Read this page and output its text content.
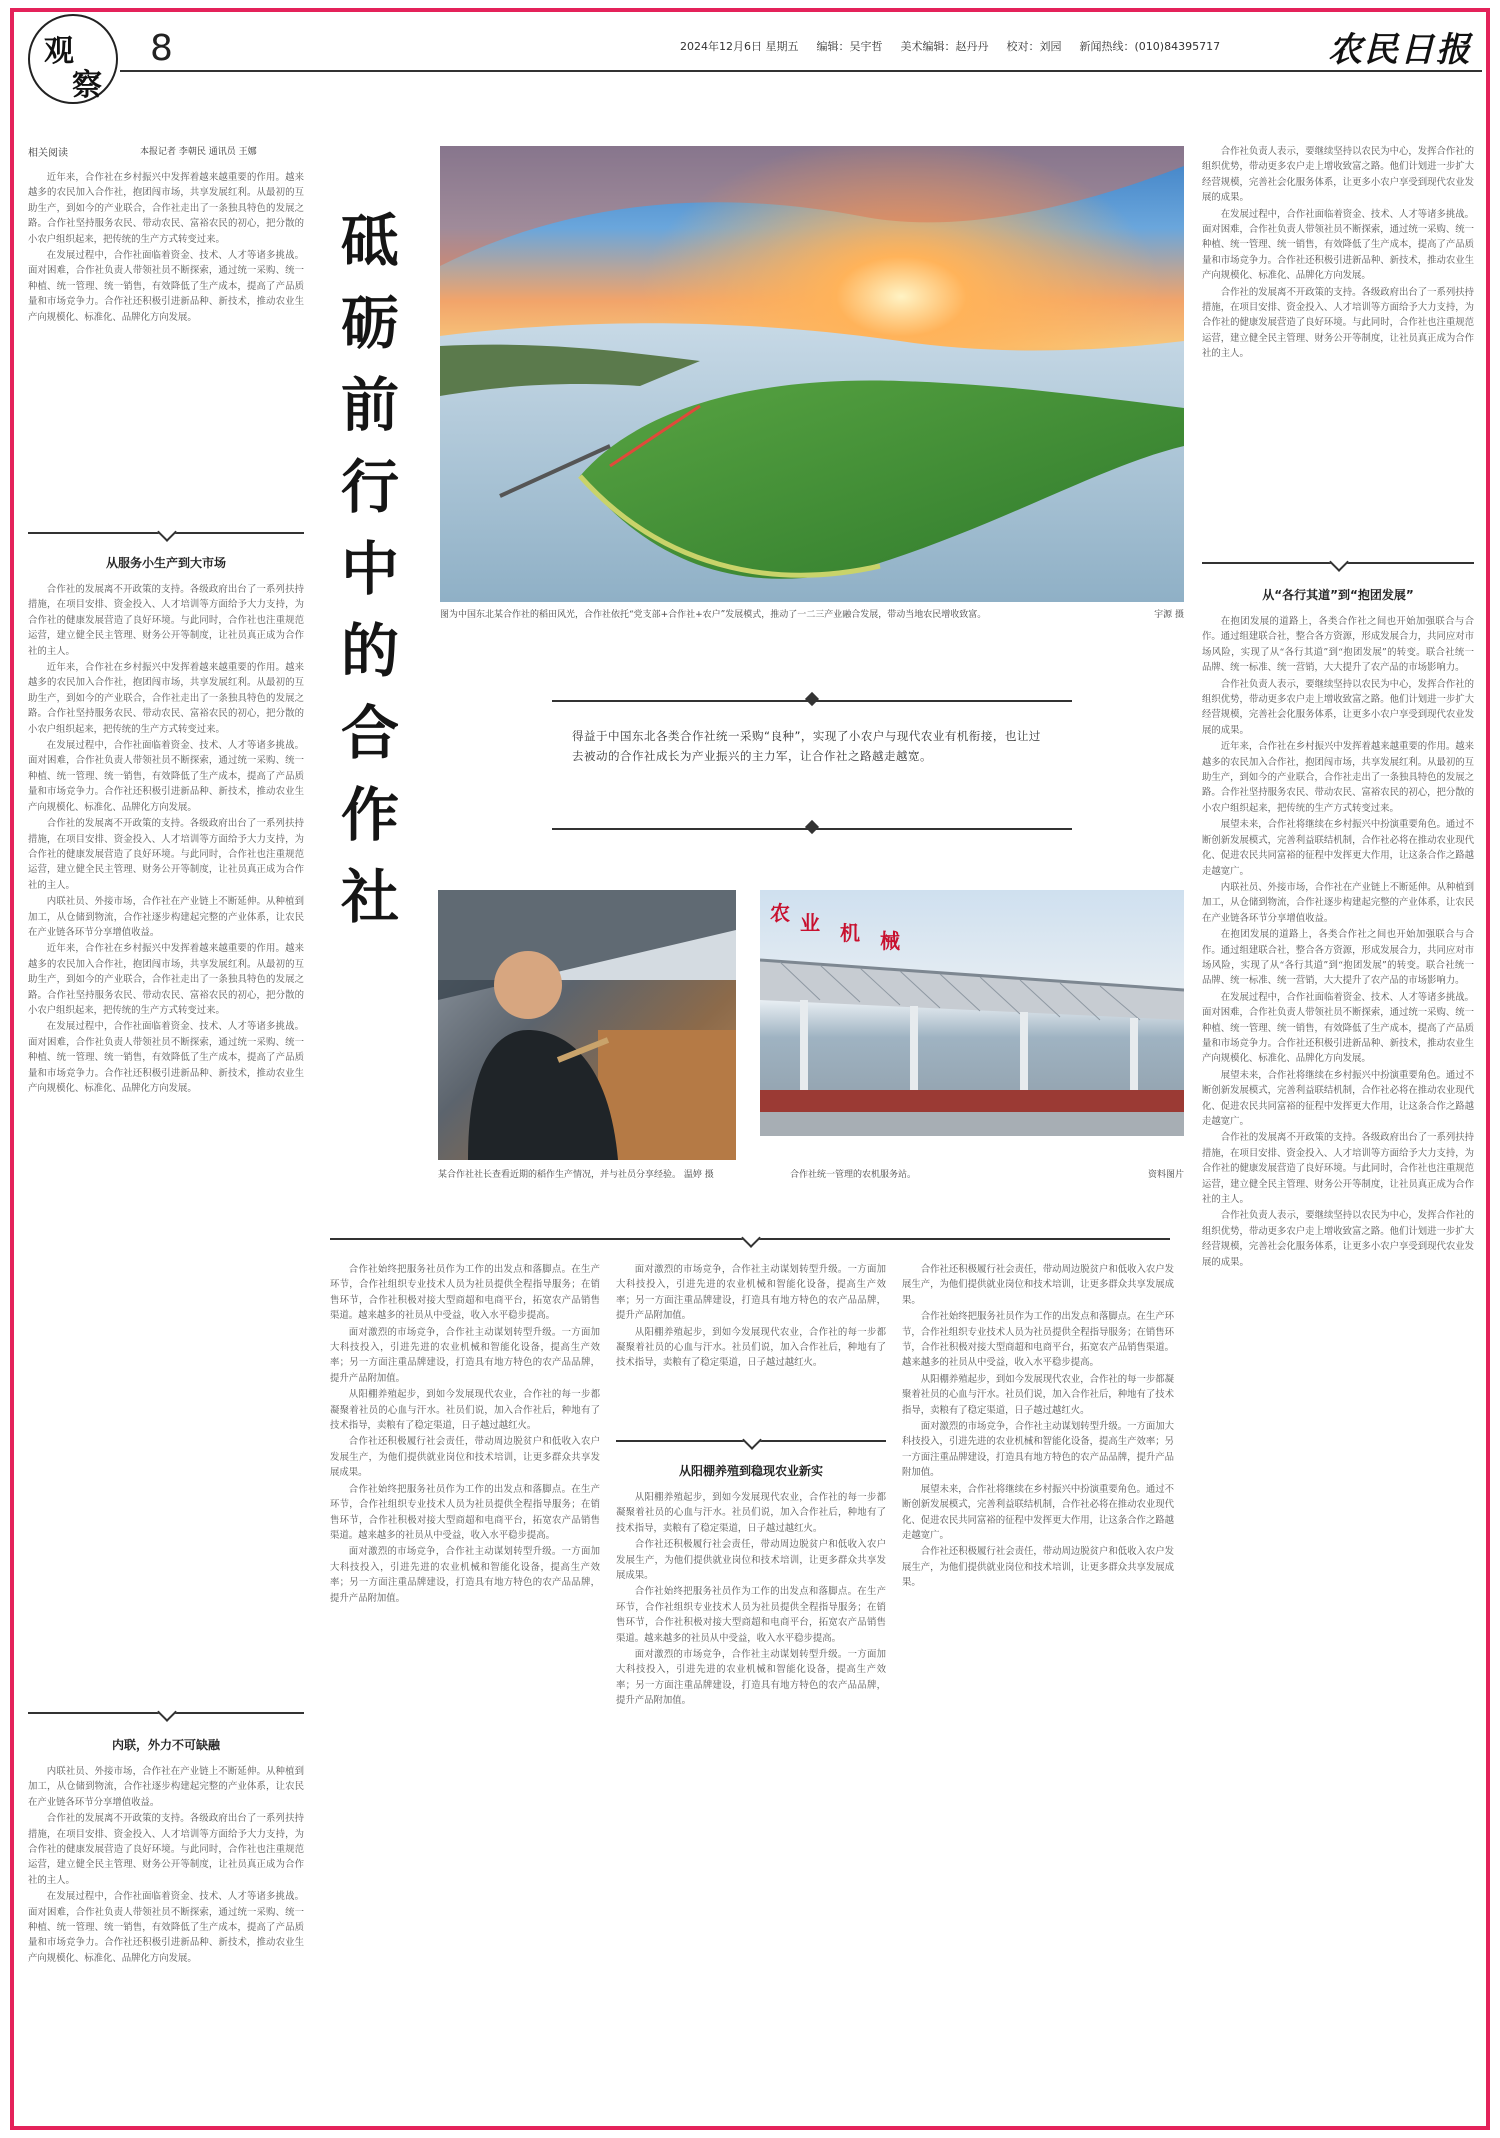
观
察
8	2024年12月6日 星期五 编辑：吴宇哲 美术编辑：赵丹丹 校对：刘园 新闻热线：(010)84395717	农民日报
相关阅读	本报记者 李朝民 通讯员 王娜

近年来，合作社在乡村振兴中发挥着越来越重要的作用。越来越多的农民加入合作社，抱团闯市场，共享发展红利。从最初的互助生产，到如今的产业联合，合作社走出了一条独具特色的发展之路。合作社坚持服务农民、带动农民、富裕农民的初心，把分散的小农户组织起来，把传统的生产方式转变过来。

在发展过程中，合作社面临着资金、技术、人才等诸多挑战。面对困难，合作社负责人带领社员不断探索，通过统一采购、统一种植、统一管理、统一销售，有效降低了生产成本，提高了产品质量和市场竞争力。合作社还积极引进新品种、新技术，推动农业生产向规模化、标准化、品牌化方向发展。

从服务小生产到大市场

合作社的发展离不开政策的支持。各级政府出台了一系列扶持措施，在项目安排、资金投入、人才培训等方面给予大力支持，为合作社的健康发展营造了良好环境。与此同时，合作社也注重规范运营，建立健全民主管理、财务公开等制度，让社员真正成为合作社的主人。

近年来，合作社在乡村振兴中发挥着越来越重要的作用。越来越多的农民加入合作社，抱团闯市场，共享发展红利。从最初的互助生产，到如今的产业联合，合作社走出了一条独具特色的发展之路。合作社坚持服务农民、带动农民、富裕农民的初心，把分散的小农户组织起来，把传统的生产方式转变过来。

在发展过程中，合作社面临着资金、技术、人才等诸多挑战。面对困难，合作社负责人带领社员不断探索，通过统一采购、统一种植、统一管理、统一销售，有效降低了生产成本，提高了产品质量和市场竞争力。合作社还积极引进新品种、新技术，推动农业生产向规模化、标准化、品牌化方向发展。

合作社的发展离不开政策的支持。各级政府出台了一系列扶持措施，在项目安排、资金投入、人才培训等方面给予大力支持，为合作社的健康发展营造了良好环境。与此同时，合作社也注重规范运营，建立健全民主管理、财务公开等制度，让社员真正成为合作社的主人。

内联社员、外接市场，合作社在产业链上不断延伸。从种植到加工，从仓储到物流，合作社逐步构建起完整的产业体系，让农民在产业链各环节分享增值收益。

近年来，合作社在乡村振兴中发挥着越来越重要的作用。越来越多的农民加入合作社，抱团闯市场，共享发展红利。从最初的互助生产，到如今的产业联合，合作社走出了一条独具特色的发展之路。合作社坚持服务农民、带动农民、富裕农民的初心，把分散的小农户组织起来，把传统的生产方式转变过来。

在发展过程中，合作社面临着资金、技术、人才等诸多挑战。面对困难，合作社负责人带领社员不断探索，通过统一采购、统一种植、统一管理、统一销售，有效降低了生产成本，提高了产品质量和市场竞争力。合作社还积极引进新品种、新技术，推动农业生产向规模化、标准化、品牌化方向发展。

内联，外力不可缺融

内联社员、外接市场，合作社在产业链上不断延伸。从种植到加工，从仓储到物流，合作社逐步构建起完整的产业体系，让农民在产业链各环节分享增值收益。

合作社的发展离不开政策的支持。各级政府出台了一系列扶持措施，在项目安排、资金投入、人才培训等方面给予大力支持，为合作社的健康发展营造了良好环境。与此同时，合作社也注重规范运营，建立健全民主管理、财务公开等制度，让社员真正成为合作社的主人。

在发展过程中，合作社面临着资金、技术、人才等诸多挑战。面对困难，合作社负责人带领社员不断探索，通过统一采购、统一种植、统一管理、统一销售，有效降低了生产成本，提高了产品质量和市场竞争力。合作社还积极引进新品种、新技术，推动农业生产向规模化、标准化、品牌化方向发展。

砥
砺
前
行
中
的
合
作
社
图为中国东北某合作社的稻田风光，合作社依托“党支部+合作社+农户”发展模式，推动了一二三产业融合发展，带动当地农民增收致富。	宇源 摄
得益于中国东北各类合作社统一采购“良种”，实现了小农户与现代农业有机衔接，也让过去被动的合作社成长为产业振兴的主力军，让合作社之路越走越宽。
某合作社社长查看近期的稻作生产情况，并与社员分享经验。 温婷 摄
农 业 机 械
合作社统一管理的农机服务站。	资料图片

合作社负责人表示，要继续坚持以农民为中心，发挥合作社的组织优势，带动更多农户走上增收致富之路。他们计划进一步扩大经营规模，完善社会化服务体系，让更多小农户享受到现代农业发展的成果。

在发展过程中，合作社面临着资金、技术、人才等诸多挑战。面对困难，合作社负责人带领社员不断探索，通过统一采购、统一种植、统一管理、统一销售，有效降低了生产成本，提高了产品质量和市场竞争力。合作社还积极引进新品种、新技术，推动农业生产向规模化、标准化、品牌化方向发展。

合作社的发展离不开政策的支持。各级政府出台了一系列扶持措施，在项目安排、资金投入、人才培训等方面给予大力支持，为合作社的健康发展营造了良好环境。与此同时，合作社也注重规范运营，建立健全民主管理、财务公开等制度，让社员真正成为合作社的主人。

从“各行其道”到“抱团发展”

在抱团发展的道路上，各类合作社之间也开始加强联合与合作。通过组建联合社，整合各方资源，形成发展合力，共同应对市场风险，实现了从“各行其道”到“抱团发展”的转变。联合社统一品牌、统一标准、统一营销，大大提升了农产品的市场影响力。

合作社负责人表示，要继续坚持以农民为中心，发挥合作社的组织优势，带动更多农户走上增收致富之路。他们计划进一步扩大经营规模，完善社会化服务体系，让更多小农户享受到现代农业发展的成果。

近年来，合作社在乡村振兴中发挥着越来越重要的作用。越来越多的农民加入合作社，抱团闯市场，共享发展红利。从最初的互助生产，到如今的产业联合，合作社走出了一条独具特色的发展之路。合作社坚持服务农民、带动农民、富裕农民的初心，把分散的小农户组织起来，把传统的生产方式转变过来。

展望未来，合作社将继续在乡村振兴中扮演重要角色。通过不断创新发展模式，完善利益联结机制，合作社必将在推动农业现代化、促进农民共同富裕的征程中发挥更大作用，让这条合作之路越走越宽广。

内联社员、外接市场，合作社在产业链上不断延伸。从种植到加工，从仓储到物流，合作社逐步构建起完整的产业体系，让农民在产业链各环节分享增值收益。

在抱团发展的道路上，各类合作社之间也开始加强联合与合作。通过组建联合社，整合各方资源，形成发展合力，共同应对市场风险，实现了从“各行其道”到“抱团发展”的转变。联合社统一品牌、统一标准、统一营销，大大提升了农产品的市场影响力。

在发展过程中，合作社面临着资金、技术、人才等诸多挑战。面对困难，合作社负责人带领社员不断探索，通过统一采购、统一种植、统一管理、统一销售，有效降低了生产成本，提高了产品质量和市场竞争力。合作社还积极引进新品种、新技术，推动农业生产向规模化、标准化、品牌化方向发展。

展望未来，合作社将继续在乡村振兴中扮演重要角色。通过不断创新发展模式，完善利益联结机制，合作社必将在推动农业现代化、促进农民共同富裕的征程中发挥更大作用，让这条合作之路越走越宽广。

合作社的发展离不开政策的支持。各级政府出台了一系列扶持措施，在项目安排、资金投入、人才培训等方面给予大力支持，为合作社的健康发展营造了良好环境。与此同时，合作社也注重规范运营，建立健全民主管理、财务公开等制度，让社员真正成为合作社的主人。

合作社负责人表示，要继续坚持以农民为中心，发挥合作社的组织优势，带动更多农户走上增收致富之路。他们计划进一步扩大经营规模，完善社会化服务体系，让更多小农户享受到现代农业发展的成果。

合作社始终把服务社员作为工作的出发点和落脚点。在生产环节，合作社组织专业技术人员为社员提供全程指导服务；在销售环节，合作社积极对接大型商超和电商平台，拓宽农产品销售渠道。越来越多的社员从中受益，收入水平稳步提高。

面对激烈的市场竞争，合作社主动谋划转型升级。一方面加大科技投入，引进先进的农业机械和智能化设备，提高生产效率；另一方面注重品牌建设，打造具有地方特色的农产品品牌，提升产品附加值。

从阳棚养殖起步，到如今发展现代农业，合作社的每一步都凝聚着社员的心血与汗水。社员们说，加入合作社后，种地有了技术指导，卖粮有了稳定渠道，日子越过越红火。

合作社还积极履行社会责任，带动周边脱贫户和低收入农户发展生产，为他们提供就业岗位和技术培训，让更多群众共享发展成果。

合作社始终把服务社员作为工作的出发点和落脚点。在生产环节，合作社组织专业技术人员为社员提供全程指导服务；在销售环节，合作社积极对接大型商超和电商平台，拓宽农产品销售渠道。越来越多的社员从中受益，收入水平稳步提高。

面对激烈的市场竞争，合作社主动谋划转型升级。一方面加大科技投入，引进先进的农业机械和智能化设备，提高生产效率；另一方面注重品牌建设，打造具有地方特色的农产品品牌，提升产品附加值。

面对激烈的市场竞争，合作社主动谋划转型升级。一方面加大科技投入，引进先进的农业机械和智能化设备，提高生产效率；另一方面注重品牌建设，打造具有地方特色的农产品品牌，提升产品附加值。

从阳棚养殖起步，到如今发展现代农业，合作社的每一步都凝聚着社员的心血与汗水。社员们说，加入合作社后，种地有了技术指导，卖粮有了稳定渠道，日子越过越红火。

从阳棚养殖到稳现农业新实

从阳棚养殖起步，到如今发展现代农业，合作社的每一步都凝聚着社员的心血与汗水。社员们说，加入合作社后，种地有了技术指导，卖粮有了稳定渠道，日子越过越红火。

合作社还积极履行社会责任，带动周边脱贫户和低收入农户发展生产，为他们提供就业岗位和技术培训，让更多群众共享发展成果。

合作社始终把服务社员作为工作的出发点和落脚点。在生产环节，合作社组织专业技术人员为社员提供全程指导服务；在销售环节，合作社积极对接大型商超和电商平台，拓宽农产品销售渠道。越来越多的社员从中受益，收入水平稳步提高。

面对激烈的市场竞争，合作社主动谋划转型升级。一方面加大科技投入，引进先进的农业机械和智能化设备，提高生产效率；另一方面注重品牌建设，打造具有地方特色的农产品品牌，提升产品附加值。

合作社还积极履行社会责任，带动周边脱贫户和低收入农户发展生产，为他们提供就业岗位和技术培训，让更多群众共享发展成果。

合作社始终把服务社员作为工作的出发点和落脚点。在生产环节，合作社组织专业技术人员为社员提供全程指导服务；在销售环节，合作社积极对接大型商超和电商平台，拓宽农产品销售渠道。越来越多的社员从中受益，收入水平稳步提高。

从阳棚养殖起步，到如今发展现代农业，合作社的每一步都凝聚着社员的心血与汗水。社员们说，加入合作社后，种地有了技术指导，卖粮有了稳定渠道，日子越过越红火。

面对激烈的市场竞争，合作社主动谋划转型升级。一方面加大科技投入，引进先进的农业机械和智能化设备，提高生产效率；另一方面注重品牌建设，打造具有地方特色的农产品品牌，提升产品附加值。

展望未来，合作社将继续在乡村振兴中扮演重要角色。通过不断创新发展模式，完善利益联结机制，合作社必将在推动农业现代化、促进农民共同富裕的征程中发挥更大作用，让这条合作之路越走越宽广。

合作社还积极履行社会责任，带动周边脱贫户和低收入农户发展生产，为他们提供就业岗位和技术培训，让更多群众共享发展成果。
